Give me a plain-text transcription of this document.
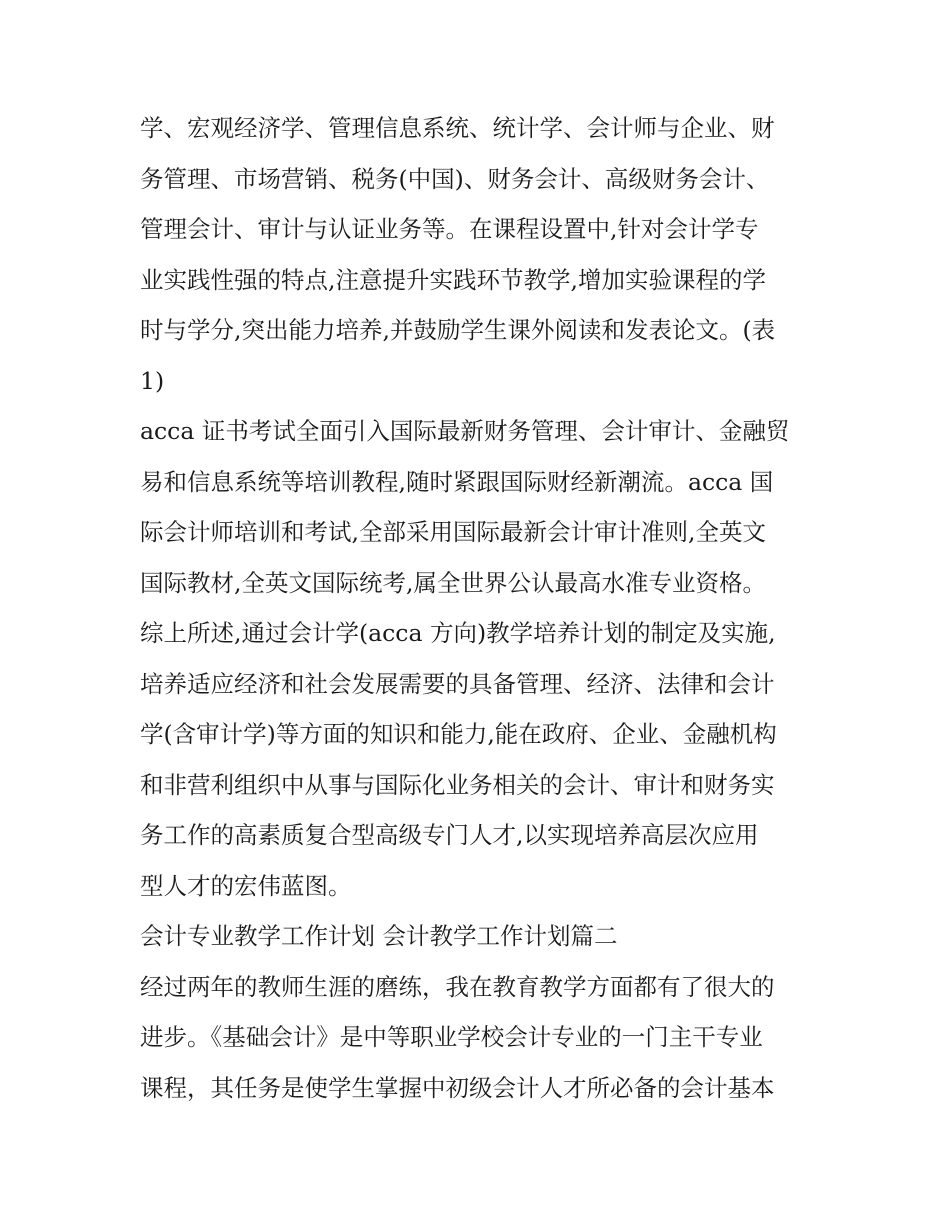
学、宏观经济学、管理信息系统、统计学、会计师与企业、财
务管理、市场营销、税务(中国)、财务会计、高级财务会计、
管理会计、审计与认证业务等。在课程设置中,针对会计学专
业实践性强的特点,注意提升实践环节教学,增加实验课程的学
时与学分,突出能力培养,并鼓励学生课外阅读和发表论文。(表
1)

acca 证书考试全面引入国际最新财务管理、会计审计、金融贸
易和信息系统等培训教程,随时紧跟国际财经新潮流。acca 国
际会计师培训和考试,全部采用国际最新会计审计准则,全英文
国际教材,全英文国际统考,属全世界公认最高水准专业资格。

综上所述,通过会计学(acca 方向)教学培养计划的制定及实施,
培养适应经济和社会发展需要的具备管理、经济、法律和会计
学(含审计学)等方面的知识和能力,能在政府、企业、金融机构
和非营利组织中从事与国际化业务相关的会计、审计和财务实
务工作的高素质复合型高级专门人才,以实现培养高层次应用
型人才的宏伟蓝图。

会计专业教学工作计划 会计教学工作计划篇二

经过两年的教师生涯的磨练，我在教育教学方面都有了很大的
进步。《基础会计》是中等职业学校会计专业的一门主干专业
课程，其任务是使学生掌握中初级会计人才所必备的会计基本
